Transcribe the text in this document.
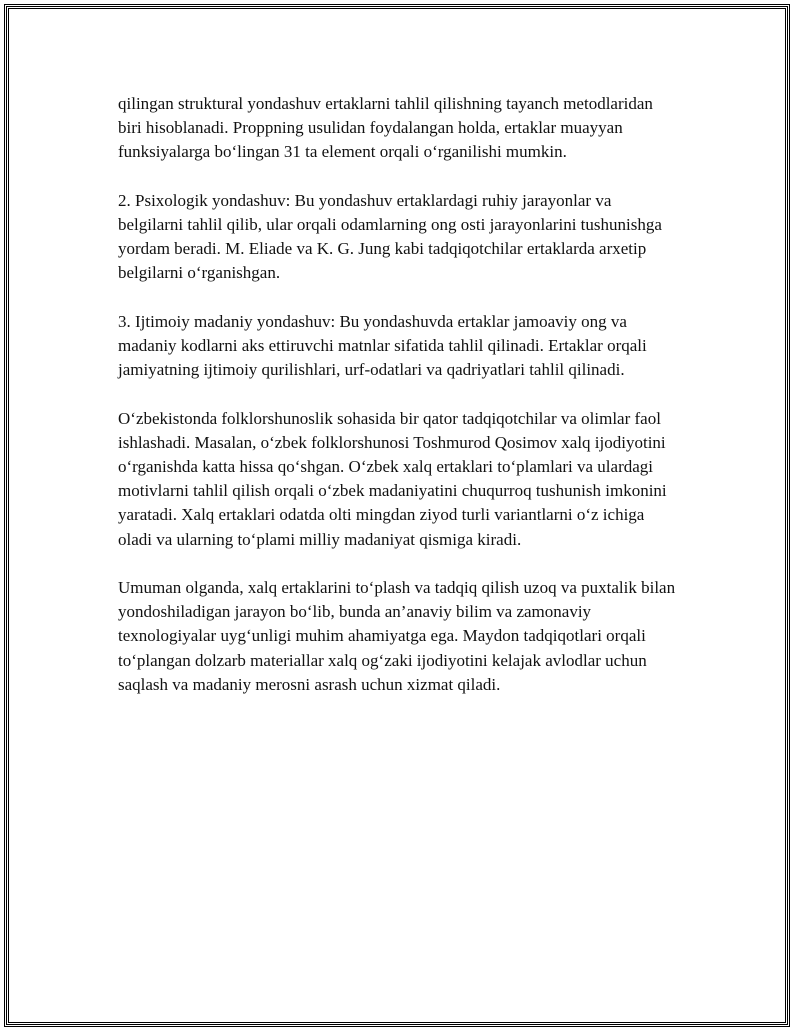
qilingan struktural yondashuv ertaklarni tahlil qilishning tayanch metodlaridan biri hisoblanadi. Proppning usulidan foydalangan holda, ertaklar muayyan funksiyalarga bo‘lingan 31 ta element orqali o‘rganilishi mumkin.

2. Psixologik yondashuv: Bu yondashuv ertaklardagi ruhiy jarayonlar va belgilarni tahlil qilib, ular orqali odamlarning ong osti jarayonlarini tushunishga yordam beradi. M. Eliade va K. G. Jung kabi tadqiqotchilar ertaklarda arxetip belgilarni o‘rganishgan.

3. Ijtimoiy madaniy yondashuv: Bu yondashuvda ertaklar jamoaviy ong va madaniy kodlarni aks ettiruvchi matnlar sifatida tahlil qilinadi. Ertaklar orqali jamiyatning ijtimoiy qurilishlari, urf-odatlari va qadriyatlari tahlil qilinadi.

O‘zbekistonda folklorshunoslik sohasida bir qator tadqiqotchilar va olimlar faol ishlashadi. Masalan, o‘zbek folklorshunosi Toshmurod Qosimov xalq ijodiyotini o‘rganishda katta hissa qo‘shgan. O‘zbek xalq ertaklari to‘plamlari va ulardagi motivlarni tahlil qilish orqali o‘zbek madaniyatini chuqurroq tushunish imkonini yaratadi. Xalq ertaklari odatda olti mingdan ziyod turli variantlarni o‘z ichiga oladi va ularning to‘plami milliy madaniyat qismiga kiradi.

Umuman olganda, xalq ertaklarini to‘plash va tadqiq qilish uzoq va puxtalik bilan yondoshiladigan jarayon bo‘lib, bunda an’anaviy bilim va zamonaviy texnologiyalar uyg‘unligi muhim ahamiyatga ega. Maydon tadqiqotlari orqali to‘plangan dolzarb materiallar xalq og‘zaki ijodiyotini kelajak avlodlar uchun saqlash va madaniy merosni asrash uchun xizmat qiladi.
